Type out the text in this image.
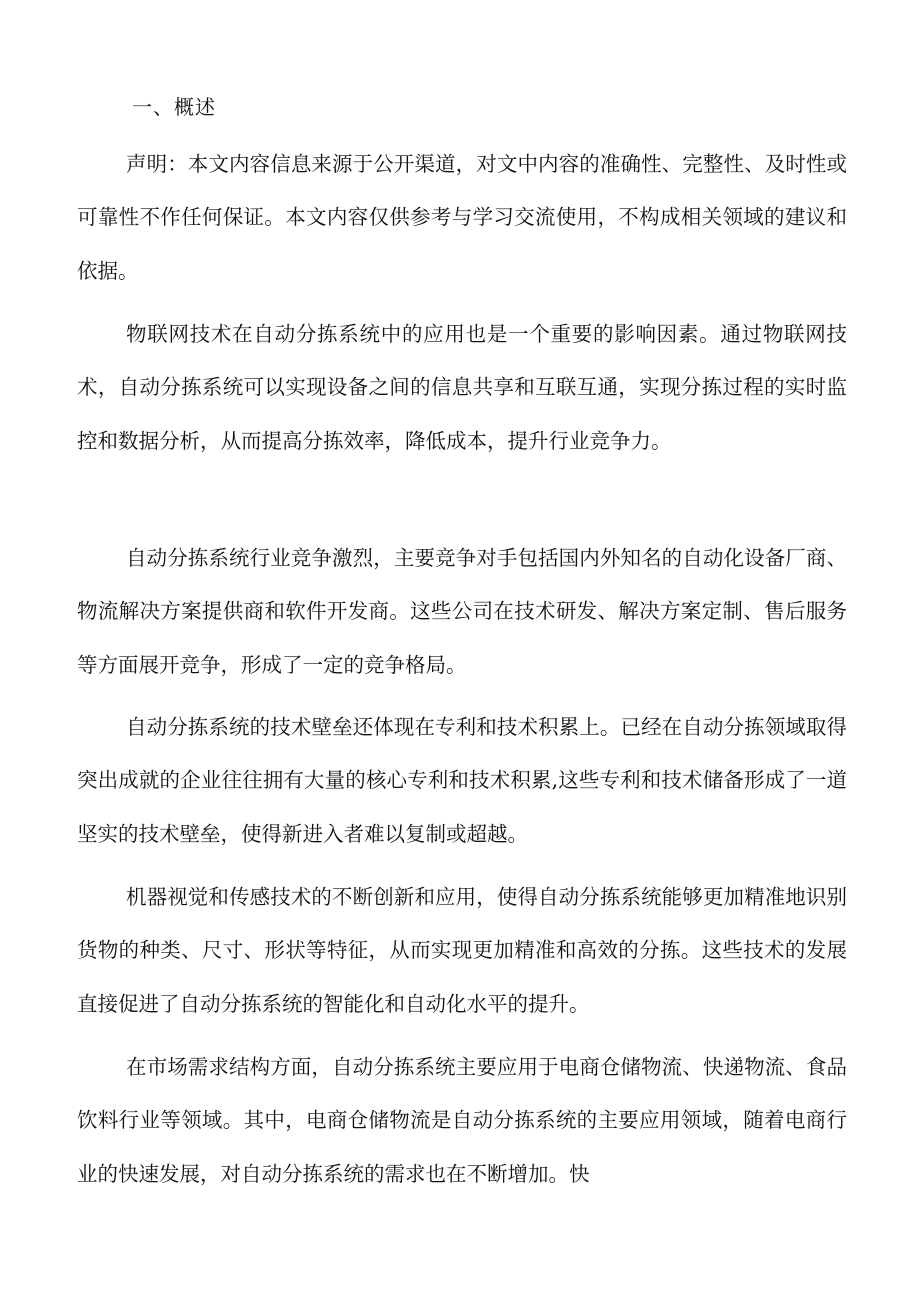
一、概述

声明：本文内容信息来源于公开渠道，对文中内容的准确性、完整性、及时性或可靠性不作任何保证。本文内容仅供参考与学习交流使用，不构成相关领域的建议和依据。

物联网技术在自动分拣系统中的应用也是一个重要的影响因素。通过物联网技术，自动分拣系统可以实现设备之间的信息共享和互联互通，实现分拣过程的实时监控和数据分析，从而提高分拣效率，降低成本，提升行业竞争力。

自动分拣系统行业竞争激烈，主要竞争对手包括国内外知名的自动化设备厂商、物流解决方案提供商和软件开发商。这些公司在技术研发、解决方案定制、售后服务等方面展开竞争，形成了一定的竞争格局。

自动分拣系统的技术壁垒还体现在专利和技术积累上。已经在自动分拣领域取得突出成就的企业往往拥有大量的核心专利和技术积累,这些专利和技术储备形成了一道坚实的技术壁垒，使得新进入者难以复制或超越。

机器视觉和传感技术的不断创新和应用，使得自动分拣系统能够更加精准地识别货物的种类、尺寸、形状等特征，从而实现更加精准和高效的分拣。这些技术的发展直接促进了自动分拣系统的智能化和自动化水平的提升。

在市场需求结构方面，自动分拣系统主要应用于电商仓储物流、快递物流、食品饮料行业等领域。其中，电商仓储物流是自动分拣系统的主要应用领域，随着电商行业的快速发展，对自动分拣系统的需求也在不断增加。快
